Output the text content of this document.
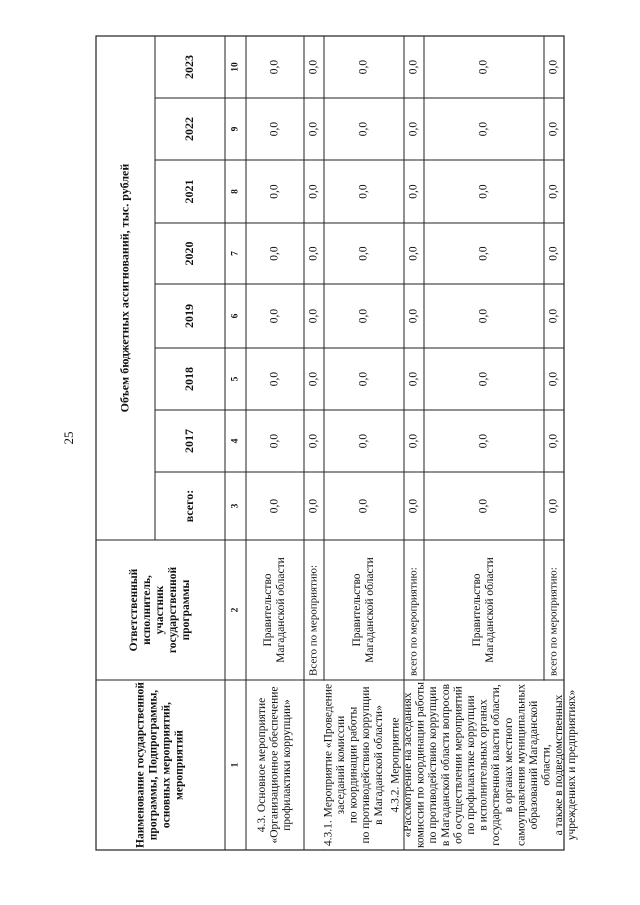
25
Наименование государственной программы, Подпрограммы, основных мероприятий, мероприятий
Ответственный исполнитель, участник государственной программы
Объем бюджетных ассигнований, тыс. рублей
всего:
2017
2018
2019
2020
2021
2022
2023
1
2
3
4
5
6
7
8
9
10
4.3. Основное мероприятие «Организационное обеспечение профилактики коррупции»
Правительство Магаданской области
0,0
0,0
0,0
0,0
0,0
0,0
0,0
0,0
4.3.1. Мероприятие «Проведение заседаний комиссии по координации работы по противодействию коррупции в Магаданской области»
Всего по мероприятию:
0,0
0,0
0,0
0,0
0,0
0,0
0,0
0,0
Правительство Магаданской области
0,0
0,0
0,0
0,0
0,0
0,0
0,0
0,0
4.3.2. Мероприятие «Рассмотрение на заседаниях комиссии по координации работы по противодействию коррупции в Магаданской области вопросов об осуществлении мероприятий по профилактике коррупции в исполнительных органах государственной власти области, в органах местного самоуправления муниципальных образований Магаданской области, а также в подведомственных учреждениях и предприятиях»
всего по мероприятию:
0,0
0,0
0,0
0,0
0,0
0,0
0,0
0,0
Правительство Магаданской области
0,0
0,0
0,0
0,0
0,0
0,0
0,0
0,0
всего по мероприятию:
0,0
0,0
0,0
0,0
0,0
0,0
0,0
0,0
